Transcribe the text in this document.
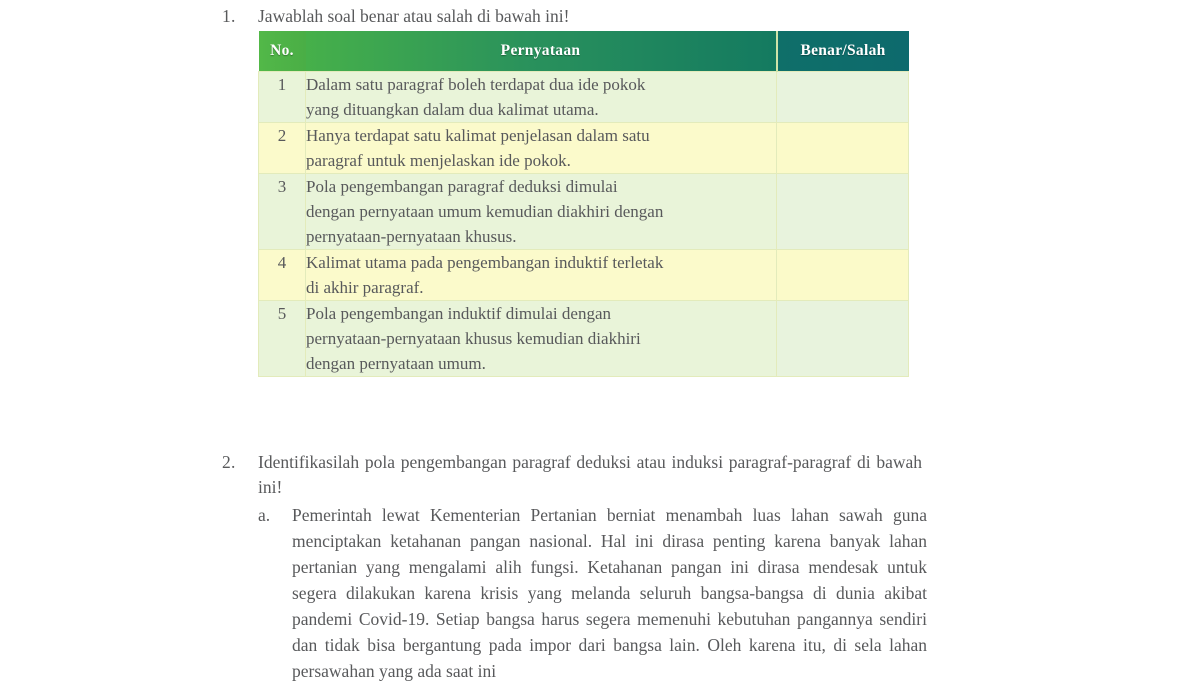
1.	Jawablah soal benar atau salah di bawah ini!
No.	Pernyataan	Benar/Salah
1	Dalam satu paragraf boleh terdapat dua ide pokok
yang dituangkan dalam dua kalimat utama.	

2	Hanya terdapat satu kalimat penjelasan dalam satu
paragraf untuk menjelaskan ide pokok.	

3	Pola pengembangan paragraf deduksi dimulai
dengan pernyataan umum kemudian diakhiri dengan
pernyataan-pernyataan khusus.	

4	Kalimat utama pada pengembangan induktif terletak
di akhir paragraf.	

5	Pola pengembangan induktif dimulai dengan
pernyataan-pernyataan khusus kemudian diakhiri
dengan pernyataan umum.	

2.	Identifikasilah pola pengembangan paragraf deduksi atau induksi paragraf-paragraf di bawah ini!
a.	Pemerintah lewat Kementerian Pertanian berniat menambah luas lahan sawah guna menciptakan ketahanan pangan nasional. Hal ini dirasa penting karena banyak lahan pertanian yang mengalami alih fungsi. Ketahanan pangan ini dirasa mendesak untuk segera dilakukan karena krisis yang melanda seluruh bangsa-bangsa di dunia akibat pandemi Covid-19. Setiap bangsa harus segera memenuhi kebutuhan pangannya sendiri dan tidak bisa bergantung pada impor dari bangsa lain. Oleh karena itu, di sela lahan persawahan yang ada saat ini
